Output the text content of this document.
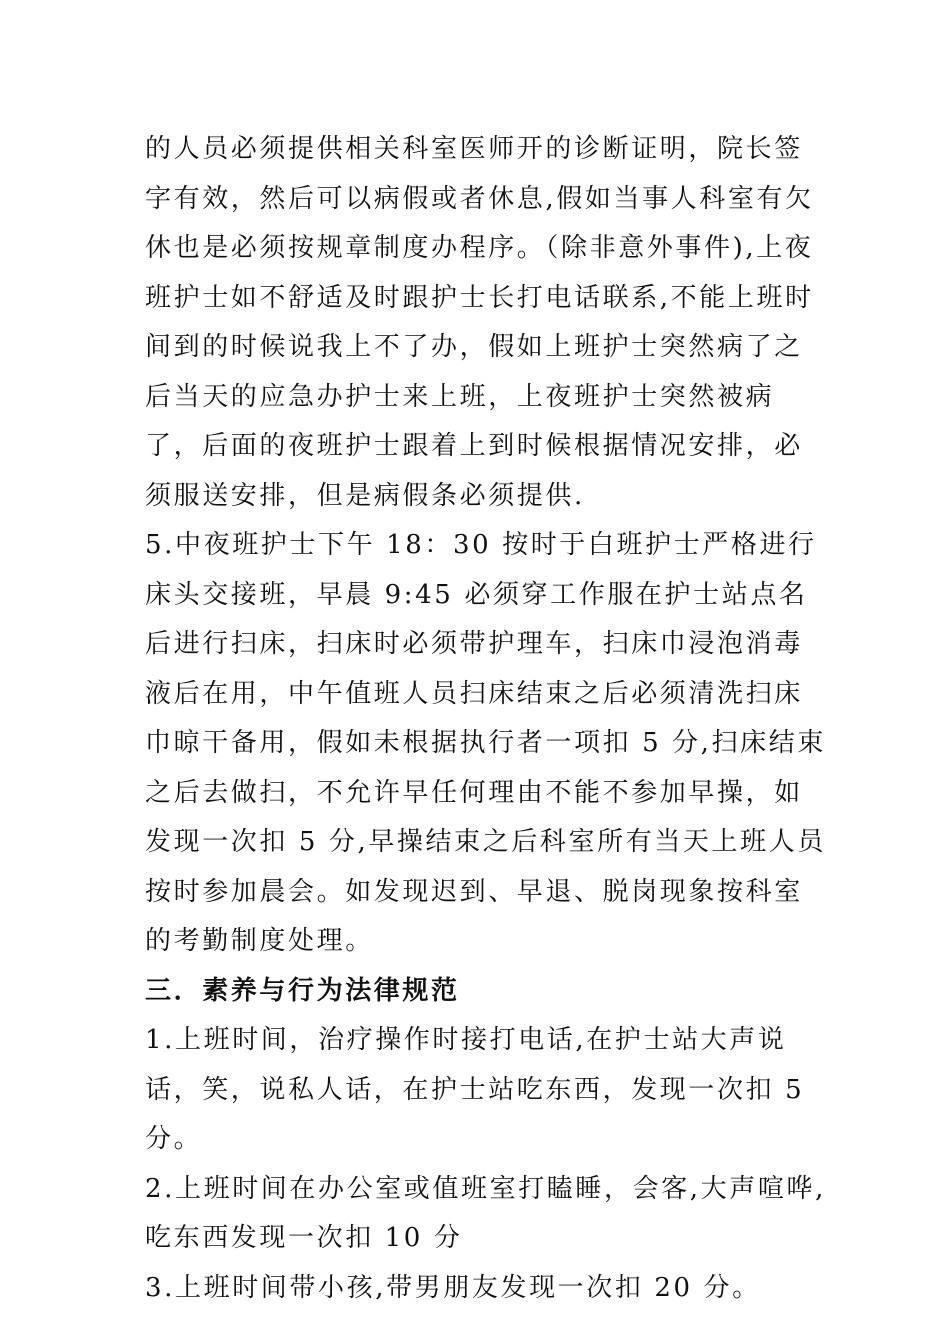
的人员必须提供相关科室医师开的诊断证明，院长签字有效，然后可以病假或者休息,假如当事人科室有欠休也是必须按规章制度办程序。（除非意外事件),上夜班护士如不舒适及时跟护士长打电话联系,不能上班时间到的时候说我上不了办，假如上班护士突然病了之后当天的应急办护士来上班，上夜班护士突然被病了，后面的夜班护士跟着上到时候根据情况安排，必须服送安排，但是病假条必须提供.

5.中夜班护士下午 18：30 按时于白班护士严格进行床头交接班，早晨 9:45 必须穿工作服在护士站点名后进行扫床，扫床时必须带护理车，扫床巾浸泡消毒液后在用，中午值班人员扫床结束之后必须清洗扫床巾晾干备用，假如未根据执行者一项扣 5 分,扫床结束之后去做扫，不允许早任何理由不能不参加早操，如发现一次扣 5 分,早操结束之后科室所有当天上班人员按时参加晨会。如发现迟到、早退、脱岗现象按科室的考勤制度处理。

三．素养与行为法律规范

1.上班时间，治疗操作时接打电话,在护士站大声说话，笑，说私人话，在护士站吃东西，发现一次扣 5 分。

2.上班时间在办公室或值班室打瞌睡，会客,大声喧哗,吃东西发现一次扣 10 分

3.上班时间带小孩,带男朋友发现一次扣 20 分。
